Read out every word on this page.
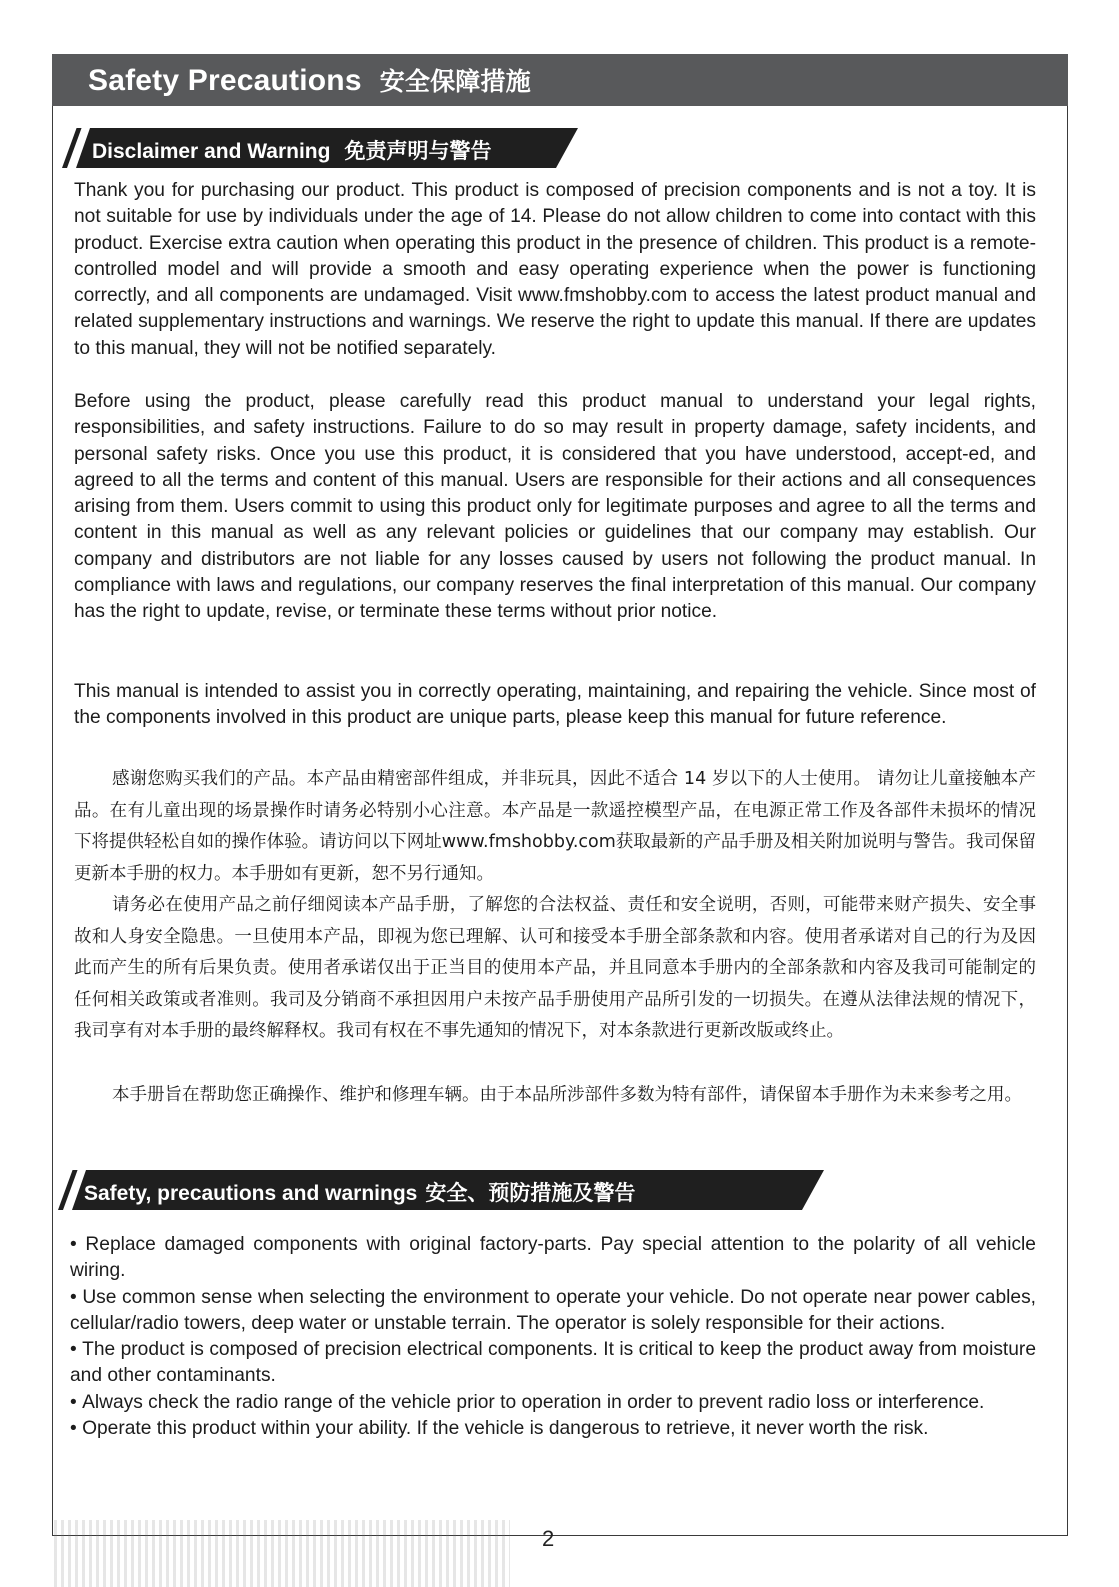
Safety Precautions 安全保障措施
Disclaimer and Warning 免责声明与警告

Thank you for purchasing our product. This product is composed of precision components and is not a toy. It is not suitable for use by individuals under the age of 14. Please do not allow children to come into contact with this product. Exercise extra caution when operating this product in the presence of children. This product is a remote-controlled model and will provide a smooth and easy operating experience when the power is functioning correctly, and all components are undamaged. Visit www.fmshobby.com to access the latest product manual and related supplementary instructions and warnings. We reserve the right to update this manual. If there are updates to this manual, they will not be notified separately.

Before using the product, please carefully read this product manual to understand your legal rights, responsibilities, and safety instructions. Failure to do so may result in property damage, safety incidents, and personal safety risks. Once you use this product, it is considered that you have understood, accept-ed, and agreed to all the terms and content of this manual. Users are responsible for their actions and all consequences arising from them. Users commit to using this product only for legitimate purposes and agree to all the terms and content in this manual as well as any relevant policies or guidelines that our company may establish. Our company and distributors are not liable for any losses caused by users not following the product manual. In compliance with laws and regulations, our company reserves the final interpretation of this manual. Our company has the right to update, revise, or terminate these terms without prior notice.

This manual is intended to assist you in correctly operating, maintaining, and repairing the vehicle. Since most of the components involved in this product are unique parts, please keep this manual for future reference.

感谢您购买我们的产品。本产品由精密部件组成，并非玩具，因此不适合 14 岁以下的人士使用。 请勿让儿童接触本产品。在有儿童出现的场景操作时请务必特别小心注意。本产品是一款遥控模型产品，在电源正常工作及各部件未损坏的情况下将提供轻松自如的操作体验。请访问以下网址www.fmshobby.com获取最新的产品手册及相关附加说明与警告。我司保留更新本手册的权力。本手册如有更新，恕不另行通知。

请务必在使用产品之前仔细阅读本产品手册，了解您的合法权益、责任和安全说明，否则，可能带来财产损失、安全事故和人身安全隐患。一旦使用本产品，即视为您已理解、认可和接受本手册全部条款和内容。使用者承诺对自己的行为及因此而产生的所有后果负责。使用者承诺仅出于正当目的使用本产品，并且同意本手册内的全部条款和内容及我司可能制定的任何相关政策或者准则。我司及分销商不承担因用户未按产品手册使用产品所引发的一切损失。在遵从法律法规的情况下，我司享有对本手册的最终解释权。我司有权在不事先通知的情况下，对本条款进行更新改版或终止。

本手册旨在帮助您正确操作、维护和修理车辆。由于本品所涉部件多数为特有部件，请保留本手册作为未来参考之用。

Safety, precautions and warnings 安全、预防措施及警告
• Replace damaged components with original factory-parts. Pay special attention to the polarity of all vehicle wiring.
• Use common sense when selecting the environment to operate your vehicle. Do not operate near power cables, cellular/radio towers, deep water or unstable terrain. The operator is solely responsible for their actions.
• The product is composed of precision electrical components. It is critical to keep the product away from moisture and other contaminants.
• Always check the radio range of the vehicle prior to operation in order to prevent radio loss or interference.
• Operate this product within your ability. If the vehicle is dangerous to retrieve, it never worth the risk.
2
